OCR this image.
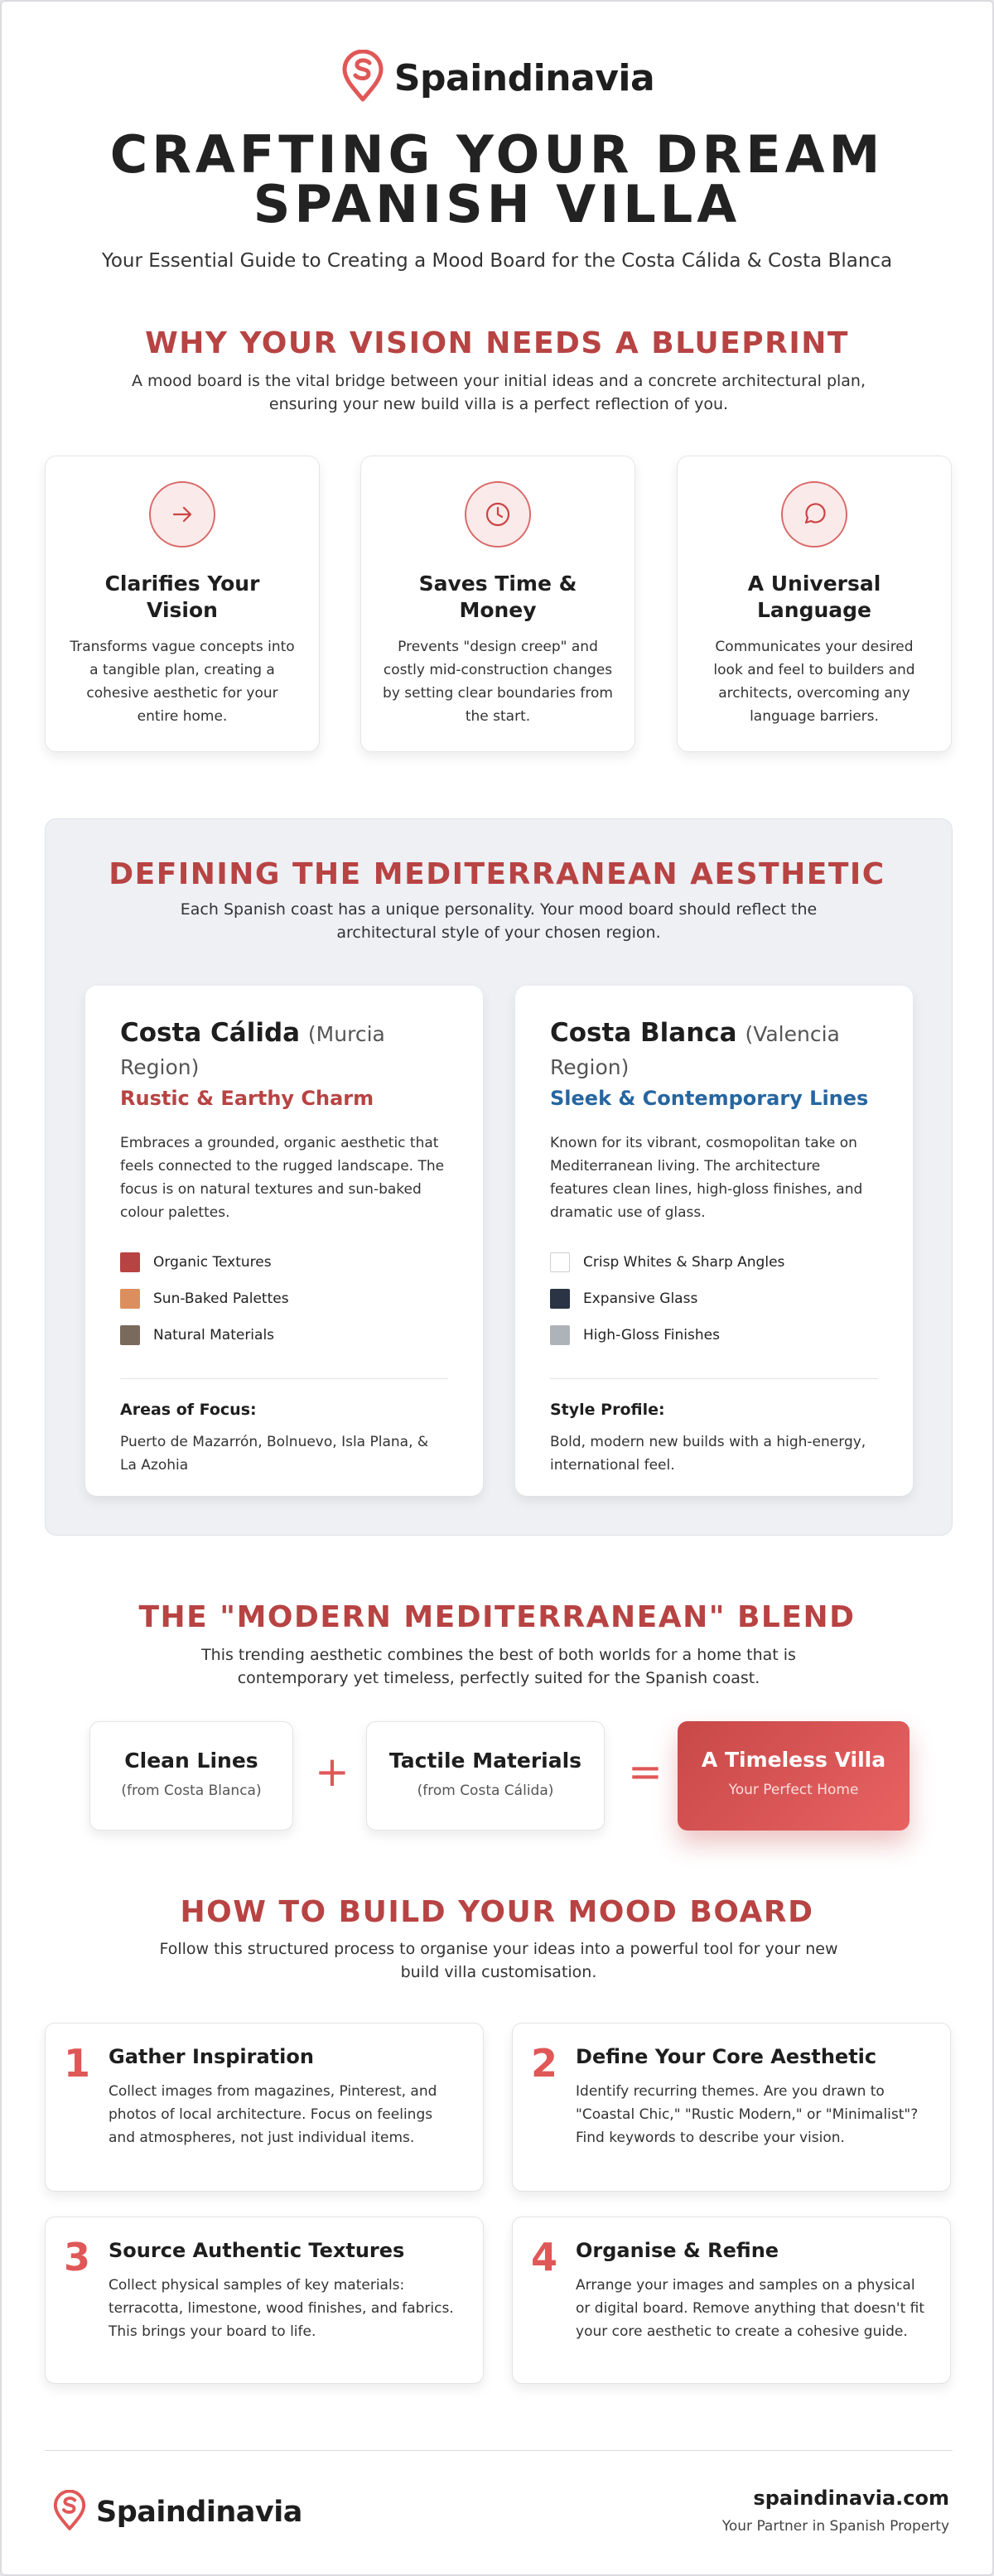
Spaindinavia
CRAFTING YOUR DREAM
SPANISH VILLA
Your Essential Guide to Creating a Mood Board for the Costa Cálida & Costa Blanca
WHY YOUR VISION NEEDS A BLUEPRINT
A mood board is the vital bridge between your initial ideas and a concrete architectural plan, ensuring your new build villa is a perfect reflection of you.
Clarifies Your Vision

Transforms vague concepts into a tangible plan, creating a cohesive aesthetic for your entire home.

Saves Time & Money

Prevents "design creep" and costly mid-construction changes by setting clear boundaries from the start.

A Universal Language

Communicates your desired look and feel to builders and architects, overcoming any language barriers.

DEFINING THE MEDITERRANEAN AESTHETIC
Each Spanish coast has a unique personality. Your mood board should reflect the architectural style of your chosen region.
Costa Cálida (Murcia Region)
Rustic & Earthy Charm
Embraces a grounded, organic aesthetic that feels connected to the rugged landscape. The focus is on natural textures and sun-baked colour palettes.
Organic Textures
Sun-Baked Palettes
Natural Materials
Areas of Focus:
Puerto de Mazarrón, Bolnuevo, Isla Plana, & La Azohia
Costa Blanca (Valencia Region)
Sleek & Contemporary Lines
Known for its vibrant, cosmopolitan take on Mediterranean living. The architecture features clean lines, high-gloss finishes, and dramatic use of glass.
Crisp Whites & Sharp Angles
Expansive Glass
High-Gloss Finishes
Style Profile:
Bold, modern new builds with a high-energy, international feel.
THE "MODERN MEDITERRANEAN" BLEND
This trending aesthetic combines the best of both worlds for a home that is contemporary yet timeless, perfectly suited for the Spanish coast.
Clean Lines
(from Costa Blanca)	+	Tactile Materials
(from Costa Cálida)	=	A Timeless Villa
Your Perfect Home
HOW TO BUILD YOUR MOOD BOARD
Follow this structured process to organise your ideas into a powerful tool for your new build villa customisation.
1 Gather Inspiration

Collect images from magazines, Pinterest, and photos of local architecture. Focus on feelings and atmospheres, not just individual items.

2 Define Your Core Aesthetic

Identify recurring themes. Are you drawn to "Coastal Chic," "Rustic Modern," or "Minimalist"? Find keywords to describe your vision.

3 Source Authentic Textures

Collect physical samples of key materials: terracotta, limestone, wood finishes, and fabrics. This brings your board to life.

4 Organise & Refine

Arrange your images and samples on a physical or digital board. Remove anything that doesn't fit your core aesthetic to create a cohesive guide.

Spaindinavia	spaindinavia.com
Your Partner in Spanish Property
